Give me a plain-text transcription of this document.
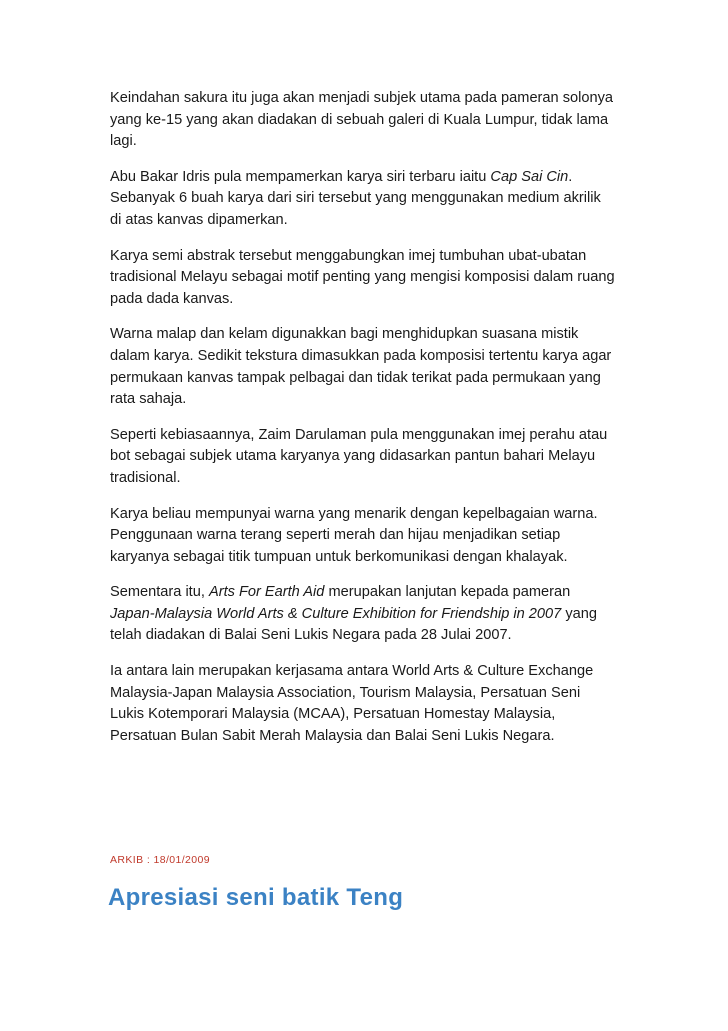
Keindahan sakura itu juga akan menjadi subjek utama pada pameran solonya
yang ke-15 yang akan diadakan di sebuah galeri di Kuala Lumpur, tidak lama
lagi.

Abu Bakar Idris pula mempamerkan karya siri terbaru iaitu Cap Sai Cin.
Sebanyak 6 buah karya dari siri tersebut yang menggunakan medium akrilik
di atas kanvas dipamerkan.

Karya semi abstrak tersebut menggabungkan imej tumbuhan ubat-ubatan
tradisional Melayu sebagai motif penting yang mengisi komposisi dalam ruang
pada dada kanvas.

Warna malap dan kelam digunakkan bagi menghidupkan suasana mistik
dalam karya. Sedikit tekstura dimasukkan pada komposisi tertentu karya agar
permukaan kanvas tampak pelbagai dan tidak terikat pada permukaan yang
rata sahaja.

Seperti kebiasaannya, Zaim Darulaman pula menggunakan imej perahu atau
bot sebagai subjek utama karyanya yang didasarkan pantun bahari Melayu
tradisional.

Karya beliau mempunyai warna yang menarik dengan kepelbagaian warna.
Penggunaan warna terang seperti merah dan hijau menjadikan setiap
karyanya sebagai titik tumpuan untuk berkomunikasi dengan khalayak.

Sementara itu, Arts For Earth Aid merupakan lanjutan kepada pameran
Japan-Malaysia World Arts & Culture Exhibition for Friendship in 2007 yang
telah diadakan di Balai Seni Lukis Negara pada 28 Julai 2007.

Ia antara lain merupakan kerjasama antara World Arts & Culture Exchange
Malaysia-Japan Malaysia Association, Tourism Malaysia, Persatuan Seni
Lukis Kotemporari Malaysia (MCAA), Persatuan Homestay Malaysia,
Persatuan Bulan Sabit Merah Malaysia dan Balai Seni Lukis Negara.

ARKIB : 18/01/2009
Apresiasi seni batik Teng
